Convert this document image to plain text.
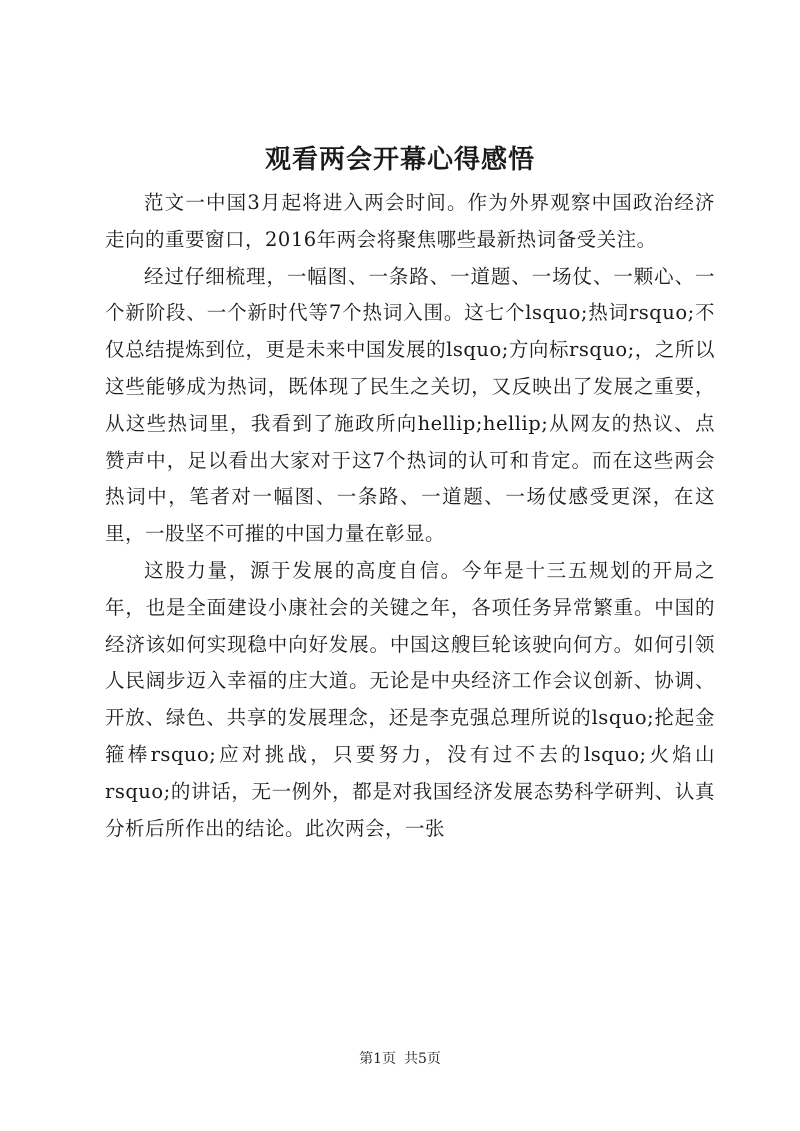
观看两会开幕心得感悟

范文一中国3月起将进入两会时间。作为外界观察中国政治经济走向的重要窗口，2016年两会将聚焦哪些最新热词备受关注。

经过仔细梳理，一幅图、一条路、一道题、一场仗、一颗心、一个新阶段、一个新时代等7个热词入围。这七个lsquo;热词rsquo;不仅总结提炼到位，更是未来中国发展的lsquo;方向标rsquo;，之所以这些能够成为热词，既体现了民生之关切，又反映出了发展之重要，从这些热词里，我看到了施政所向hellip;hellip;从网友的热议、点赞声中，足以看出大家对于这7个热词的认可和肯定。而在这些两会热词中，笔者对一幅图、一条路、一道题、一场仗感受更深，在这里，一股坚不可摧的中国力量在彰显。

这股力量，源于发展的高度自信。今年是十三五规划的开局之年，也是全面建设小康社会的关键之年，各项任务异常繁重。中国的经济该如何实现稳中向好发展。中国这艘巨轮该驶向何方。如何引领人民阔步迈入幸福的庄大道。无论是中央经济工作会议创新、协调、开放、绿色、共享的发展理念，还是李克强总理所说的lsquo;抡起金箍棒rsquo;应对挑战，只要努力，没有过不去的lsquo;火焰山rsquo;的讲话，无一例外，都是对我国经济发展态势科学研判、认真分析后所作出的结论。此次两会，一张

第1页 共5页
